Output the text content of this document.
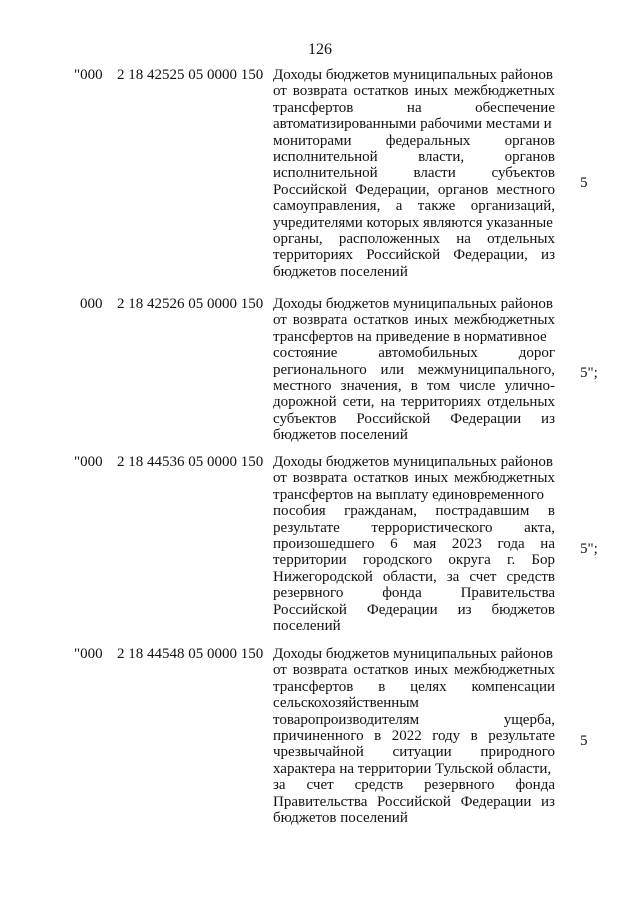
126
"000 2 18 42525 05 0000 150 Доходы бюджетов муниципальных районов
от возврата остатков иных межбюджетных
трансфертов на обеспечение
автоматизированными рабочими местами и
мониторами федеральных органов
исполнительной власти, органов
исполнительной власти субъектов
Российской Федерации, органов местного
самоуправления, а также организаций,
учредителями которых являются указанные
органы, расположенных на отдельных
территориях Российской Федерации, из
бюджетов поселений
5
000 2 18 42526 05 0000 150 Доходы бюджетов муниципальных районов
от возврата остатков иных межбюджетных
трансфертов на приведение в нормативное
состояние автомобильных дорог
регионального или межмуниципального,
местного значения, в том числе улично-
дорожной сети, на территориях отдельных
субъектов Российской Федерации из
бюджетов поселений
5";
"000 2 18 44536 05 0000 150 Доходы бюджетов муниципальных районов
от возврата остатков иных межбюджетных
трансфертов на выплату единовременного
пособия гражданам, пострадавшим в
результате террористического акта,
произошедшего 6 мая 2023 года на
территории городского округа г. Бор
Нижегородской области, за счет средств
резервного фонда Правительства
Российской Федерации из бюджетов
поселений
5";
"000 2 18 44548 05 0000 150 Доходы бюджетов муниципальных районов
от возврата остатков иных межбюджетных
трансфертов в целях компенсации
сельскохозяйственным
товаропроизводителям ущерба,
причиненного в 2022 году в результате
чрезвычайной ситуации природного
характера на территории Тульской области,
за счет средств резервного фонда
Правительства Российской Федерации из
бюджетов поселений
5
